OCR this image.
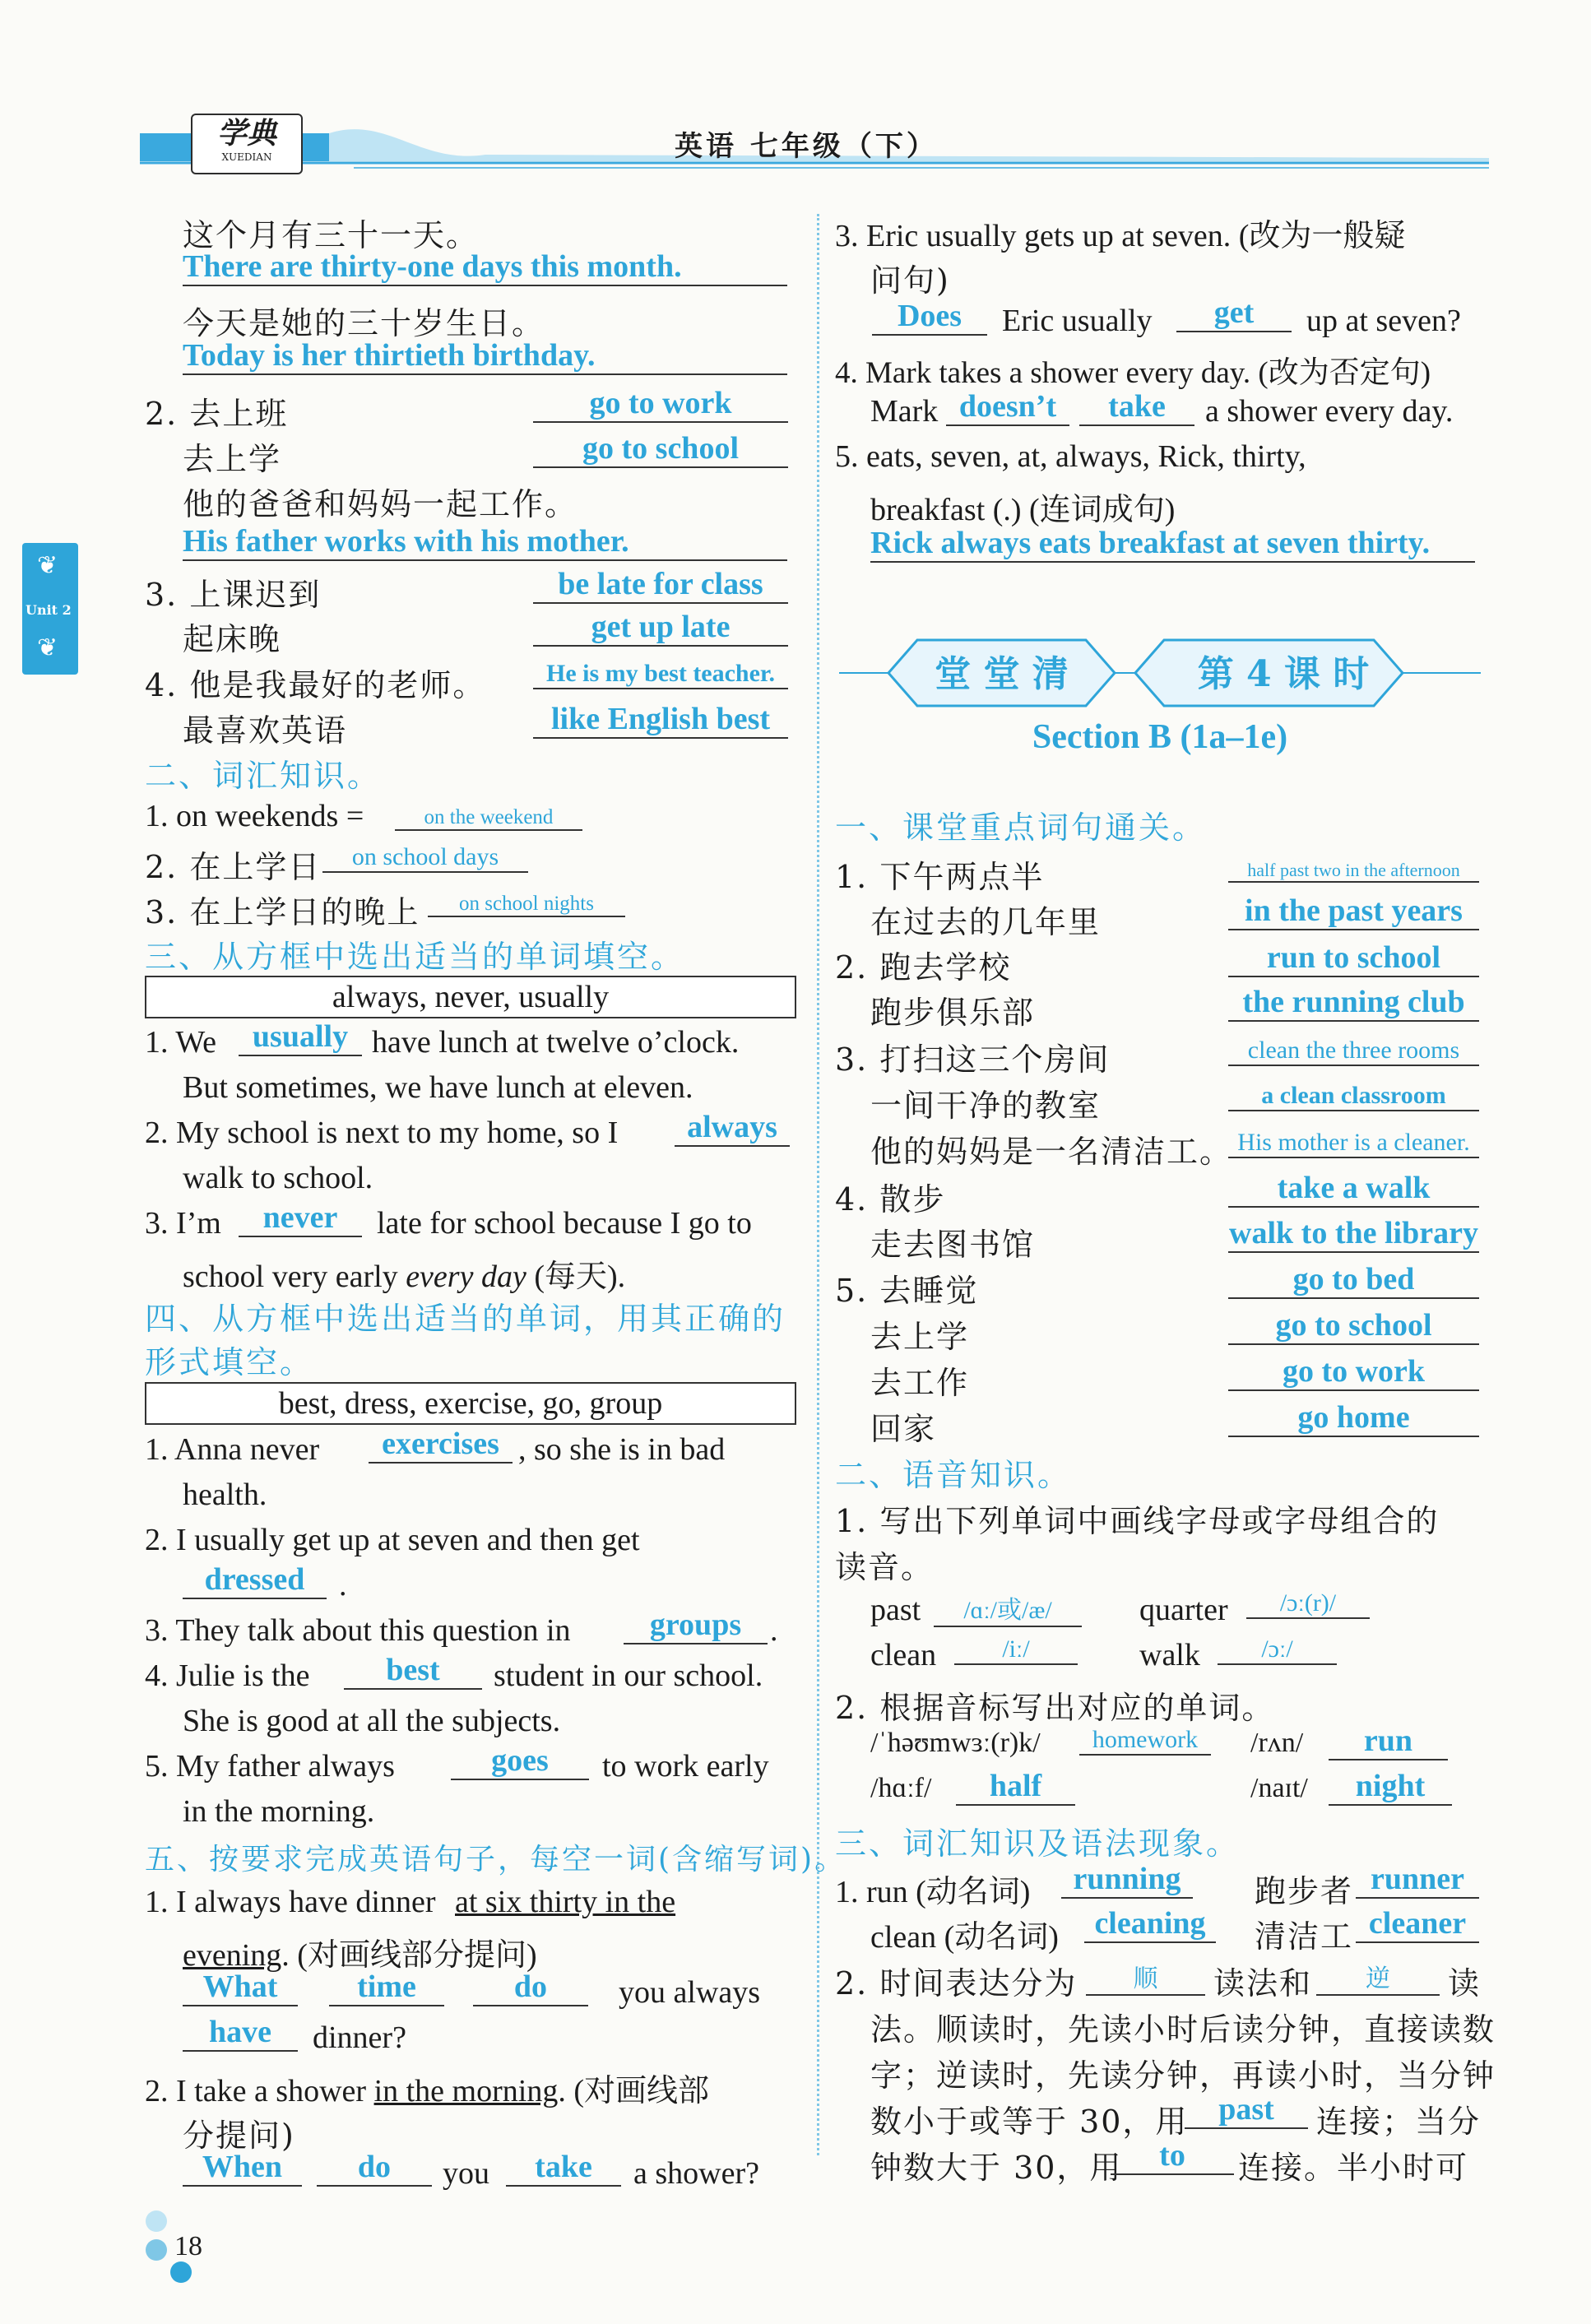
学典
XUEDIAN	英语 七年级（下）
❦
Unit 2
❦
这个月有三十一天。
There are thirty-one days this month.
今天是她的三十岁生日。
Today is her thirtieth birthday.
2. 去上班	go to work
去上学	go to school
他的爸爸和妈妈一起工作。
His father works with his mother.
3. 上课迟到	be late for class
起床晚	get up late
4. 他是我最好的老师。	He is my best teacher.
最喜欢英语	like English best
二、词汇知识。
1. on weekends =	on the weekend
2. 在上学日	on school days
3. 在上学日的晚上	on school nights
三、从方框中选出适当的单词填空。
always, never, usually
1. We	usually have lunch at twelve o’clock.
But sometimes, we have lunch at eleven.
2. My school is next to my home, so I	always
walk to school.
3. I’m	never	late for school because I go to
school very early every day (每天).
四、从方框中选出适当的单词，用其正确的
形式填空。
best, dress, exercise, go, group
1. Anna never	exercises , so she is in bad
health.
2. I usually get up at seven and then get
dressed	.
3. They talk about this question in	groups .
4. Julie is the	best	student in our school.
She is good at all the subjects.
5. My father always	goes	to work early
in the morning.
五、按要求完成英语句子，每空一词(含缩写词)。
1. I always have dinner at six thirty in the
evening. (对画线部分提问)
What	time	do	you always
have	dinner?
2. I take a shower in the morning. (对画线部
分提问)
When	do	you	take	a shower?
3. Eric usually gets up at seven. (改为一般疑
问句)
Does	Eric usually	get	up at seven?
4. Mark takes a shower every day. (改为否定句)
Mark doesn’t	take	a shower every day.
5. eats, seven, at, always, Rick, thirty,
breakfast (.) (连词成句)
Rick always eats breakfast at seven thirty.
堂 堂 清	第 4 课 时
Section B (1a–1e)
一、课堂重点词句通关。
1. 下午两点半	half past two in the afternoon
在过去的几年里	in the past years
2. 跑去学校	run to school
跑步俱乐部	the running club
3. 打扫这三个房间	clean the three rooms
一间干净的教室	a clean classroom
他的妈妈是一名清洁工。 His mother is a cleaner.
4. 散步	take a walk
走去图书馆	walk to the library
5. 去睡觉	go to bed
去上学	go to school
去工作	go to work
回家	go home
二、语音知识。
1. 写出下列单词中画线字母或字母组合的
读音。
past	/ɑː/或/æ/	quarter	/ɔː(r)/
clean	/iː/	walk	/ɔː/
2. 根据音标写出对应的单词。
/ˈhəʊmwɜː(r)k/	homework	/rʌn/	run
/hɑːf/	half	/naɪt/	night
三、词汇知识及语法现象。
1. run (动名词)	running	跑步者 runner
clean (动名词)	cleaning	清洁工 cleaner
2. 时间表达分为	顺	读法和	逆	读
法。顺读时，先读小时后读分钟，直接读数
字；逆读时，先读分钟，再读小时，当分钟
数小于或等于 30，用 past	连接；当分
钟数大于 30，用	to	连接。半小时可
18
